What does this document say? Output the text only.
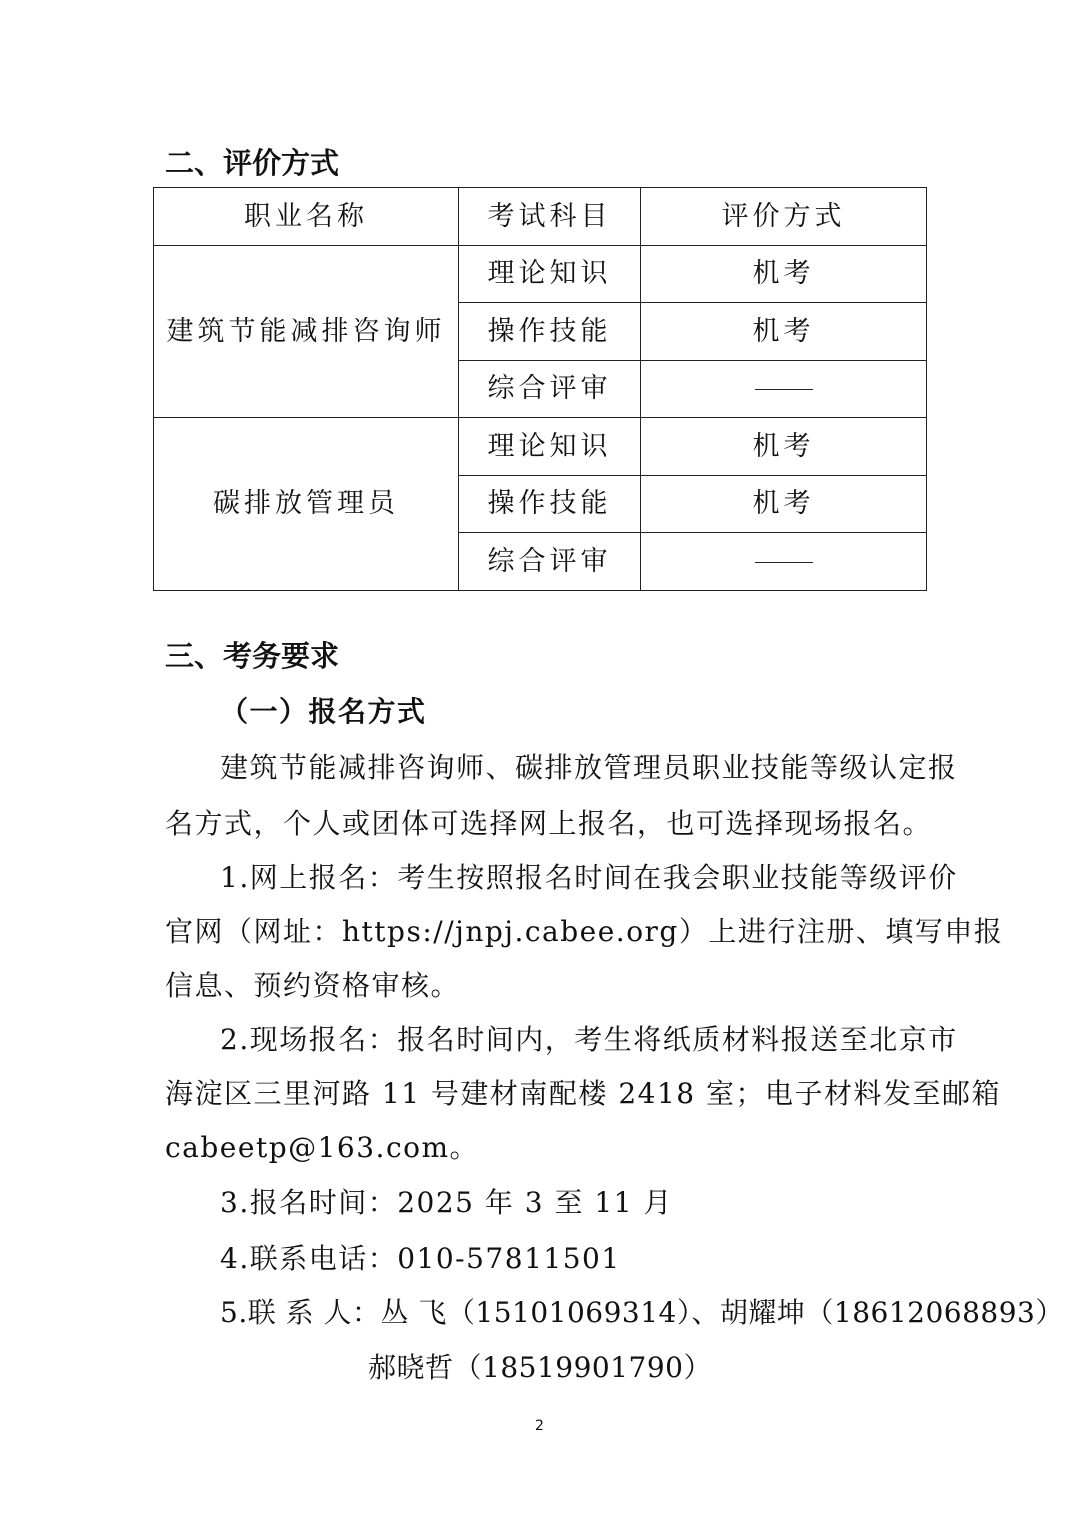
二、评价方式
职业名称	考试科目	评价方式
建筑节能减排咨询师	理论知识	机考
	操作技能	机考
	综合评审	
碳排放管理员	理论知识	机考
	操作技能	机考
	综合评审	
三、考务要求
（一）报名方式
建筑节能减排咨询师、碳排放管理员职业技能等级认定报
名方式，个人或团体可选择网上报名，也可选择现场报名。
1.网上报名：考生按照报名时间在我会职业技能等级评价
官网（网址：https://jnpj.cabee.org）上进行注册、填写申报
信息、预约资格审核。
2.现场报名：报名时间内，考生将纸质材料报送至北京市
海淀区三里河路 11 号建材南配楼 2418 室；电子材料发至邮箱
cabeetp@163.com。
3.报名时间：2025 年 3 至 11 月
4.联系电话：010-57811501
5.联 系 人：丛 飞（15101069314）、胡耀坤（18612068893）
郝晓哲（18519901790）
2
